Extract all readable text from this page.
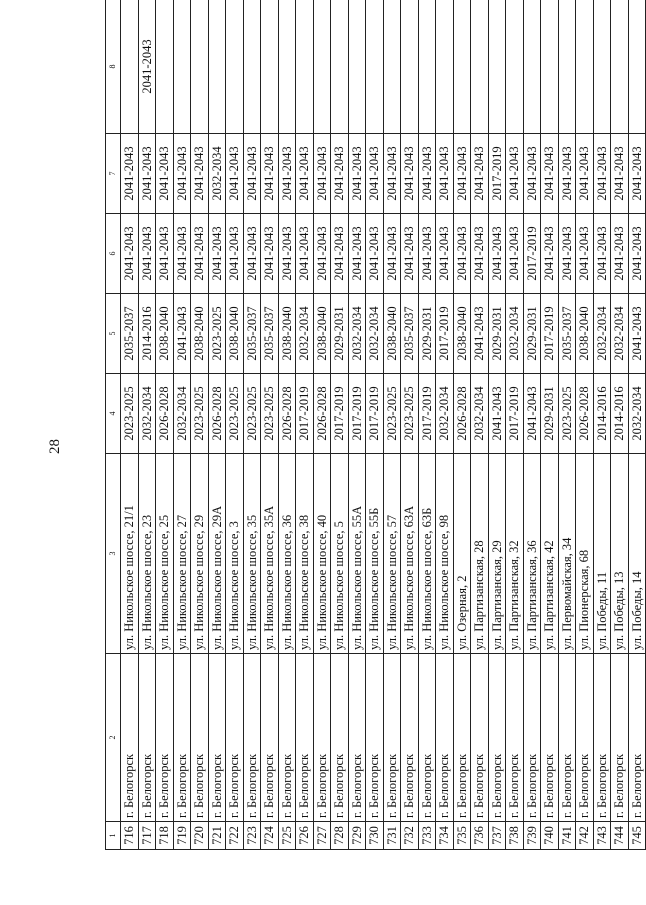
28
1	2	3	4	5	6	7	8
716	г. Белогорск	ул. Никольское шоссе, 21/1	2023-2025	2035-2037	2041-2043	2041-2043	
717	г. Белогорск	ул. Никольское шоссе, 23	2032-2034	2014-2016	2041-2043	2041-2043	2041-2043
718	г. Белогорск	ул. Никольское шоссе, 25	2026-2028	2038-2040	2041-2043	2041-2043	
719	г. Белогорск	ул. Никольское шоссе, 27	2032-2034	2041-2043	2041-2043	2041-2043	
720	г. Белогорск	ул. Никольское шоссе, 29	2023-2025	2038-2040	2041-2043	2041-2043	
721	г. Белогорск	ул. Никольское шоссе, 29А	2026-2028	2023-2025	2041-2043	2032-2034	
722	г. Белогорск	ул. Никольское шоссе, 3	2023-2025	2038-2040	2041-2043	2041-2043	
723	г. Белогорск	ул. Никольское шоссе, 35	2023-2025	2035-2037	2041-2043	2041-2043	
724	г. Белогорск	ул. Никольское шоссе, 35А	2023-2025	2035-2037	2041-2043	2041-2043	
725	г. Белогорск	ул. Никольское шоссе, 36	2026-2028	2038-2040	2041-2043	2041-2043	
726	г. Белогорск	ул. Никольское шоссе, 38	2017-2019	2032-2034	2041-2043	2041-2043	
727	г. Белогорск	ул. Никольское шоссе, 40	2026-2028	2038-2040	2041-2043	2041-2043	
728	г. Белогорск	ул. Никольское шоссе, 5	2017-2019	2029-2031	2041-2043	2041-2043	
729	г. Белогорск	ул. Никольское шоссе, 55А	2017-2019	2032-2034	2041-2043	2041-2043	
730	г. Белогорск	ул. Никольское шоссе, 55Б	2017-2019	2032-2034	2041-2043	2041-2043	
731	г. Белогорск	ул. Никольское шоссе, 57	2023-2025	2038-2040	2041-2043	2041-2043	
732	г. Белогорск	ул. Никольское шоссе, 63А	2023-2025	2035-2037	2041-2043	2041-2043	
733	г. Белогорск	ул. Никольское шоссе, 63Б	2017-2019	2029-2031	2041-2043	2041-2043	
734	г. Белогорск	ул. Никольское шоссе, 98	2032-2034	2017-2019	2041-2043	2041-2043	
735	г. Белогорск	ул. Озерная, 2	2026-2028	2038-2040	2041-2043	2041-2043	
736	г. Белогорск	ул. Партизанская, 28	2032-2034	2041-2043	2041-2043	2041-2043	
737	г. Белогорск	ул. Партизанская, 29	2041-2043	2029-2031	2041-2043	2017-2019	
738	г. Белогорск	ул. Партизанская, 32	2017-2019	2032-2034	2041-2043	2041-2043	
739	г. Белогорск	ул. Партизанская, 36	2041-2043	2029-2031	2017-2019	2041-2043	
740	г. Белогорск	ул. Партизанская, 42	2029-2031	2017-2019	2041-2043	2041-2043	
741	г. Белогорск	ул. Первомайская, 34	2023-2025	2035-2037	2041-2043	2041-2043	
742	г. Белогорск	ул. Пионерская, 68	2026-2028	2038-2040	2041-2043	2041-2043	
743	г. Белогорск	ул. Победы, 11	2014-2016	2032-2034	2041-2043	2041-2043	
744	г. Белогорск	ул. Победы, 13	2014-2016	2032-2034	2041-2043	2041-2043	
745	г. Белогорск	ул. Победы, 14	2032-2034	2041-2043	2041-2043	2041-2043	
